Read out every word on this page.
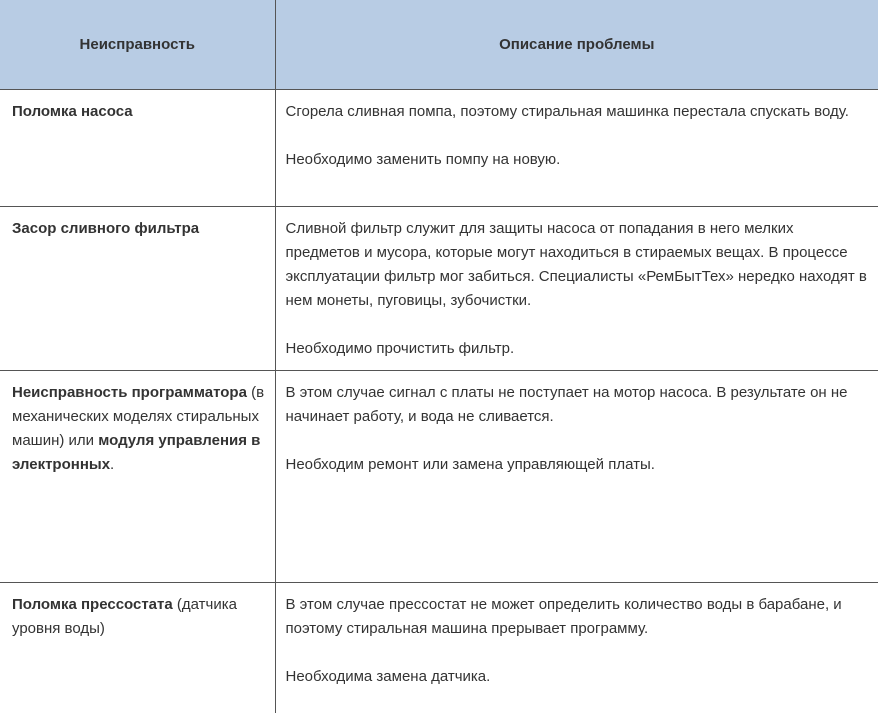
Неисправность	Описание проблемы
Поломка насоса	Сгорела сливная помпа, поэтому стиральная машинка перестала спускать воду.

Необходимо заменить помпу на новую.

Засор сливного фильтра	Сливной фильтр служит для защиты насоса от попадания в него мелких предметов и мусора, которые могут находиться в стираемых вещах. В процессе эксплуатации фильтр мог забиться. Специалисты «РемБытТех» нередко находят в нем монеты, пуговицы, зубочистки.

Необходимо прочистить фильтр.

Неисправность программатора (в механических моделях стиральных машин) или модуля управления в электронных.	В этом случае сигнал с платы не поступает на мотор насоса. В результате он не начинает работу, и вода не сливается.

Необходим ремонт или замена управляющей платы.

Поломка прессостата (датчика уровня воды)	В этом случае прессостат не может определить количество воды в барабане, и поэтому стиральная машина прерывает программу.

Необходима замена датчика.
